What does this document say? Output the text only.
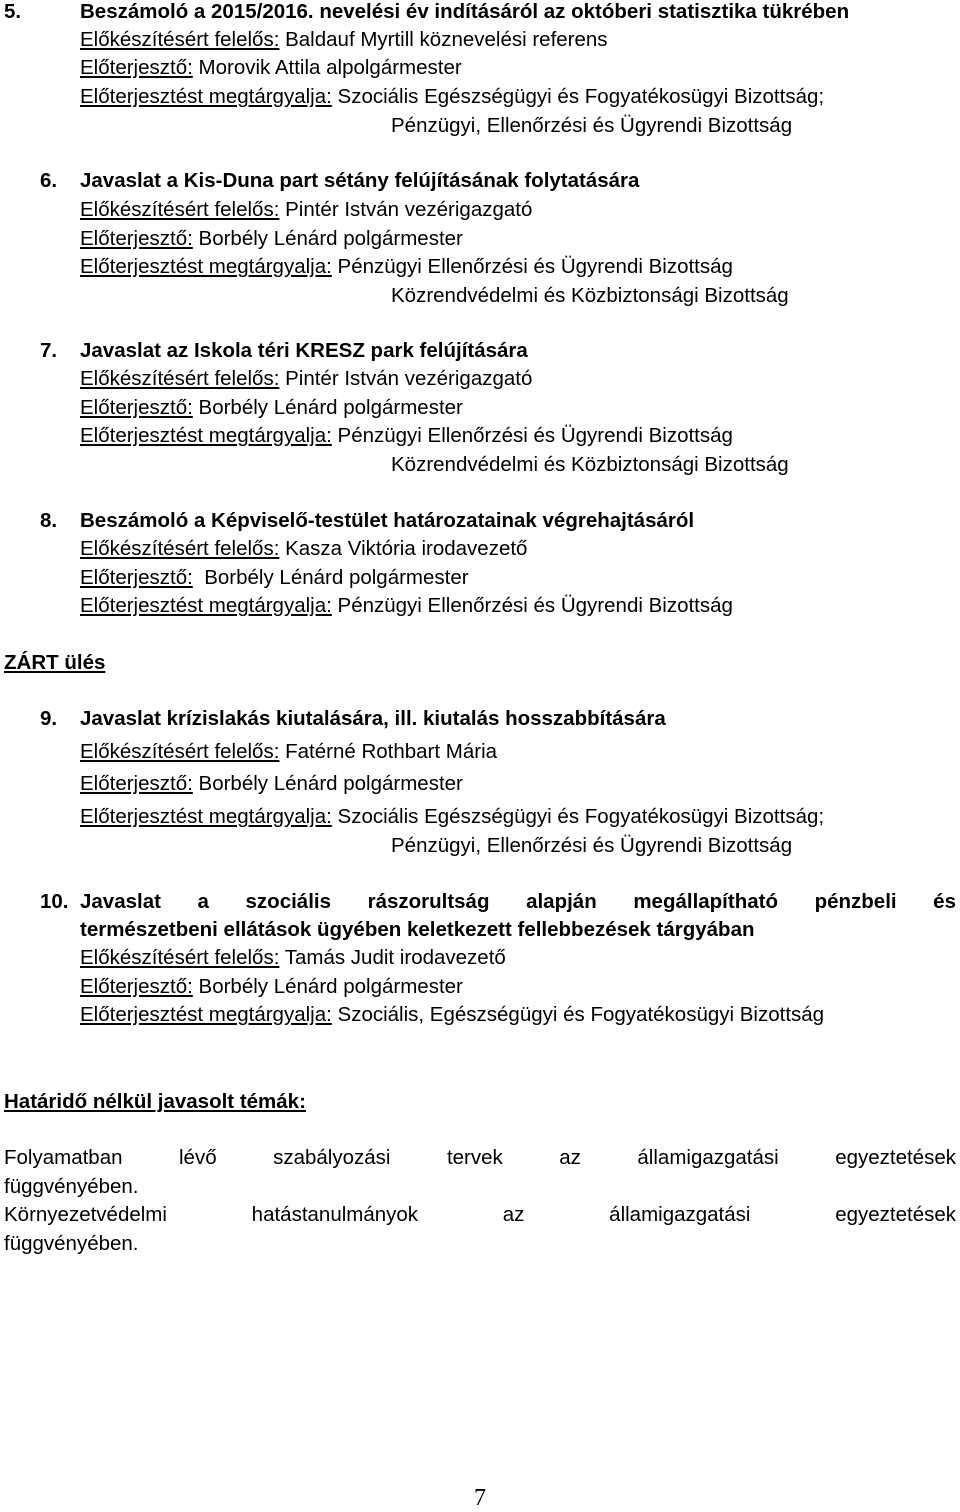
5.	Beszámoló a 2015/2016. nevelési év indításáról az októberi statisztika tükrében
Előkészítésért felelős: Baldauf Myrtill köznevelési referens
Előterjesztő: Morovik Attila alpolgármester
Előterjesztést megtárgyalja: Szociális Egészségügyi és Fogyatékosügyi Bizottság;
Pénzügyi, Ellenőrzési és Ügyrendi Bizottság
6. Javaslat a Kis-Duna part sétány felújításának folytatására
Előkészítésért felelős: Pintér István vezérigazgató
Előterjesztő: Borbély Lénárd polgármester
Előterjesztést megtárgyalja: Pénzügyi Ellenőrzési és Ügyrendi Bizottság
Közrendvédelmi és Közbiztonsági Bizottság
7. Javaslat az Iskola téri KRESZ park felújítására
Előkészítésért felelős: Pintér István vezérigazgató
Előterjesztő: Borbély Lénárd polgármester
Előterjesztést megtárgyalja: Pénzügyi Ellenőrzési és Ügyrendi Bizottság
Közrendvédelmi és Közbiztonsági Bizottság
8. Beszámoló a Képviselő-testület határozatainak végrehajtásáról
Előkészítésért felelős: Kasza Viktória irodavezető
Előterjesztő: Borbély Lénárd polgármester
Előterjesztést megtárgyalja: Pénzügyi Ellenőrzési és Ügyrendi Bizottság
ZÁRT ülés
9. Javaslat krízislakás kiutalására, ill. kiutalás hosszabbítására
Előkészítésért felelős: Fatérné Rothbart Mária
Előterjesztő: Borbély Lénárd polgármester
Előterjesztést megtárgyalja: Szociális Egészségügyi és Fogyatékosügyi Bizottság;
Pénzügyi, Ellenőrzési és Ügyrendi Bizottság
10. Javaslat a szociális rászorultság alapján megállapítható pénzbeli és
természetbeni ellátások ügyében keletkezett fellebbezések tárgyában
Előkészítésért felelős: Tamás Judit irodavezető
Előterjesztő: Borbély Lénárd polgármester
Előterjesztést megtárgyalja: Szociális, Egészségügyi és Fogyatékosügyi Bizottság
Határidő nélkül javasolt témák:
Folyamatban lévő szabályozási tervek az államigazgatási egyeztetések
függvényében.
Környezetvédelmi hatástanulmányok az államigazgatási egyeztetések
függvényében.
7
